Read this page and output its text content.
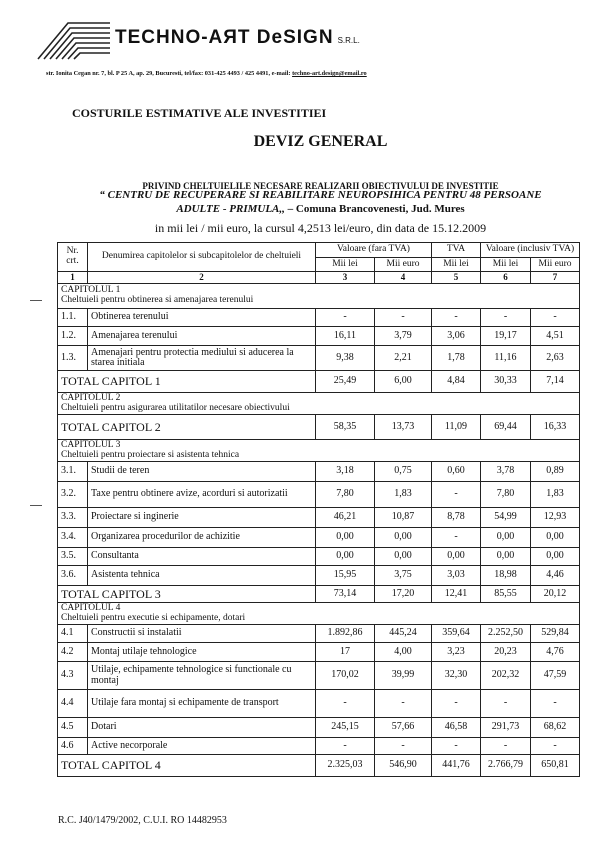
TECHNO-AЯT DeSIGN S.R.L.
str. Ionita Cegan nr. 7, bl. P 25 A, ap. 29, Bucuresti, tel/fax: 031-425 4493 / 425 4491, e-mail: techno-art.design@email.ro
COSTURILE ESTIMATIVE ALE INVESTITIEI
DEVIZ GENERAL
PRIVIND CHELTUIELILE NECESARE REALIZARII OBIECTIVULUI DE INVESTITIE
“ CENTRU DE RECUPERARE SI REABILITARE NEUROPSIHICA PENTRU 48 PERSOANE
ADULTE - PRIMULA,, – Comuna Brancovenesti, Jud. Mures
in mii lei / mii euro, la cursul 4,2513 lei/euro, din data de 15.12.2009
Nr. crt.	Denumirea capitolelor si subcapitolelor de cheltuieli	Valoare (fara TVA)		TVA	Valoare (inclusiv TVA)	
		Mii lei	Mii euro	Mii lei	Mii lei	Mii euro
1	2	3	4	5	6	7

CAPITOLUL 1
Cheltuieli pentru obtinerea si amenajarea terenului						

1.1.	Obtinerea terenului	-	-	-	-	-
1.2.	Amenajarea terenului	16,11	3,79	3,06	19,17	4,51
1.3.	Amenajari pentru protectia mediului si aducerea la starea initiala	9,38	2,21	1,78	11,16	2,63
TOTAL CAPITOL 1		25,49	6,00	4,84	30,33	7,14

CAPITOLUL 2
Cheltuieli pentru asigurarea utilitatilor necesare obiectivului						

TOTAL CAPITOL 2		58,35	13,73	11,09	69,44	16,33

CAPITOLUL 3
Cheltuieli pentru proiectare si asistenta tehnica						

3.1.	Studii de teren	3,18	0,75	0,60	3,78	0,89
3.2.	Taxe pentru obtinere avize, acorduri si autorizatii	7,80	1,83	-	7,80	1,83
3.3.	Proiectare si inginerie	46,21	10,87	8,78	54,99	12,93
3.4.	Organizarea procedurilor de achizitie	0,00	0,00	-	0,00	0,00
3.5.	Consultanta	0,00	0,00	0,00	0,00	0,00
3.6.	Asistenta tehnica	15,95	3,75	3,03	18,98	4,46
TOTAL CAPITOL 3		73,14	17,20	12,41	85,55	20,12

CAPITOLUL 4
Cheltuieli pentru executie si echipamente, dotari						

4.1	Constructii si instalatii	1.892,86	445,24	359,64	2.252,50	529,84
4.2	Montaj utilaje tehnologice	17	4,00	3,23	20,23	4,76
4.3	Utilaje, echipamente tehnologice si functionale cu montaj	170,02	39,99	32,30	202,32	47,59
4.4	Utilaje fara montaj si echipamente de transport	-	-	-	-	-
4.5	Dotari	245,15	57,66	46,58	291,73	68,62
4.6	Active necorporale	-	-	-	-	-
TOTAL CAPITOL 4		2.325,03	546,90	441,76	2.766,79	650,81
R.C. J40/1479/2002, C.U.I. RO 14482953
